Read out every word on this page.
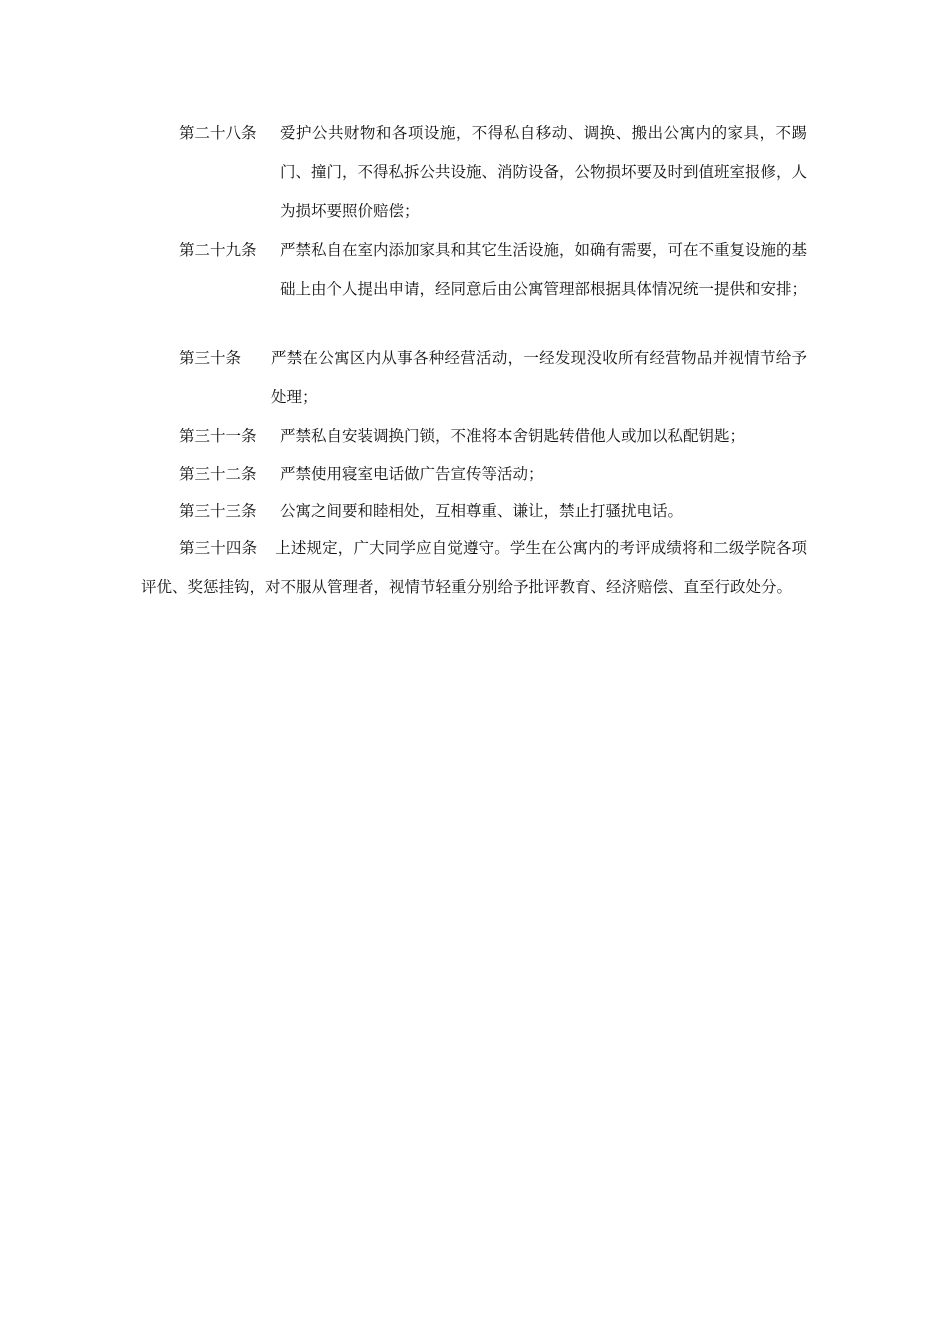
第二十八条 爱护公共财物和各项设施，不得私自移动、调换、搬出公寓内的家具，不踢门、撞门，不得私拆公共设施、消防设备，公物损坏要及时到值班室报修，人为损坏要照价赔偿；
第二十九条 严禁私自在室内添加家具和其它生活设施，如确有需要，可在不重复设施的基础上由个人提出申请，经同意后由公寓管理部根据具体情况统一提供和安排；
第三十条 严禁在公寓区内从事各种经营活动，一经发现没收所有经营物品并视情节给予处理；
第三十一条 严禁私自安装调换门锁，不准将本舍钥匙转借他人或加以私配钥匙；
第三十二条 严禁使用寝室电话做广告宣传等活动；
第三十三条 公寓之间要和睦相处，互相尊重、谦让，禁止打骚扰电话。
第三十四条 上述规定，广大同学应自觉遵守。学生在公寓内的考评成绩将和二级学院各项评优、奖惩挂钩，对不服从管理者，视情节轻重分别给予批评教育、经济赔偿、直至行政处分。
